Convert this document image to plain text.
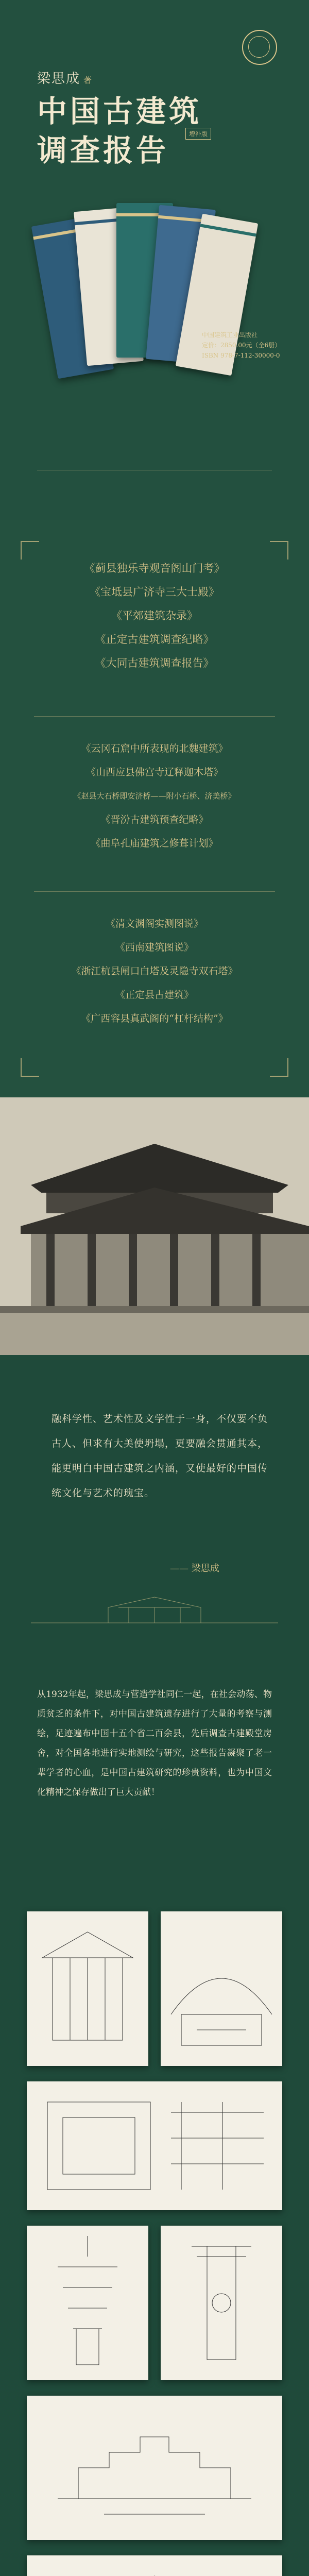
梁思成 著
中国古建筑
调查报告	增补版
中国建筑工业出版社
定价：2850.00元（全6册）
ISBN 978-7-112-30000-0
《蓟县独乐寺观音阁山门考》
《宝坻县广济寺三大士殿》
《平郊建筑杂录》
《正定古建筑调查纪略》
《大同古建筑调查报告》
《云冈石窟中所表现的北魏建筑》
《山西应县佛宫寺辽释迦木塔》
《赵县大石桥即安济桥——附小石桥、济美桥》
《晋汾古建筑预查纪略》
《曲阜孔庙建筑之修葺计划》
《清文渊阁实测图说》
《西南建筑图说》
《浙江杭县闸口白塔及灵隐寺双石塔》
《正定县古建筑》
《广西容县真武阁的“杠杆结构”》
融科学性、艺术性及文学性于一身，不仅要不负古人、但求有大美使坍塌，更要融会贯通其本，能更明白中国古建筑之内涵，又使最好的中国传统文化与艺术的瑰宝。
—— 梁思成
从1932年起，梁思成与营造学社同仁一起，在社会动荡、物质贫乏的条件下，对中国古建筑遗存进行了大量的考察与测绘，足迹遍布中国十五个省二百余县，先后调查古建殿堂房舍，对全国各地进行实地测绘与研究，这些报告凝聚了老一辈学者的心血，是中国古建筑研究的珍贵资料，也为中国文化精神之保存做出了巨大贡献！
